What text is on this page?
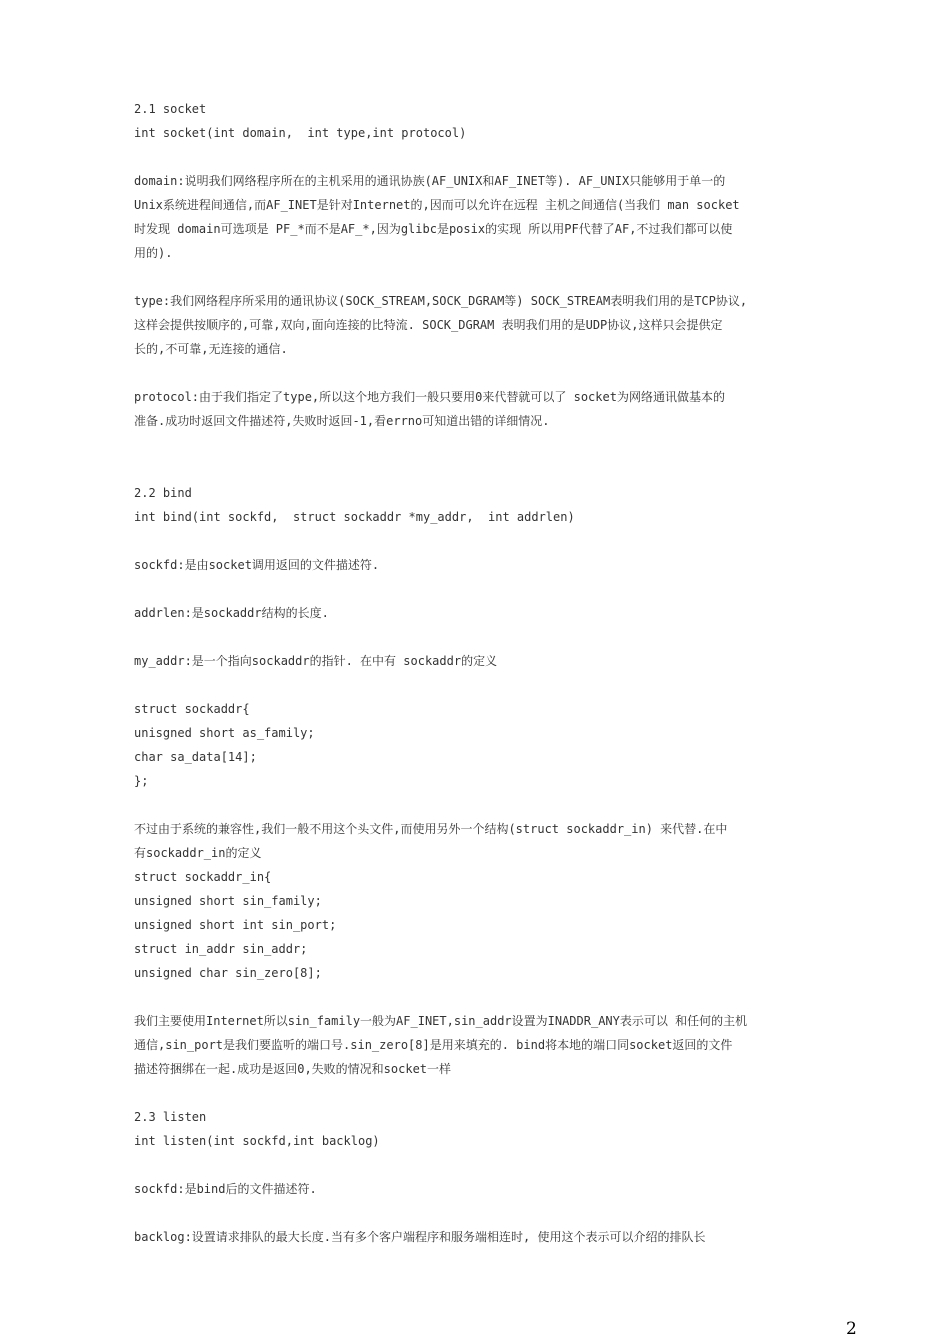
2.1 socket
int socket(int domain,  int type,int protocol)
domain:说明我们网络程序所在的主机采用的通讯协族(AF_UNIX和AF_INET等). AF_UNIX只能够用于单一的
Unix系统进程间通信,而AF_INET是针对Internet的,因而可以允许在远程 主机之间通信(当我们 man socket
时发现 domain可选项是 PF_*而不是AF_*,因为glibc是posix的实现 所以用PF代替了AF,不过我们都可以使
用的).
type:我们网络程序所采用的通讯协议(SOCK_STREAM,SOCK_DGRAM等) SOCK_STREAM表明我们用的是TCP协议,
这样会提供按顺序的,可靠,双向,面向连接的比特流. SOCK_DGRAM 表明我们用的是UDP协议,这样只会提供定
长的,不可靠,无连接的通信.
protocol:由于我们指定了type,所以这个地方我们一般只要用0来代替就可以了 socket为网络通讯做基本的
准备.成功时返回文件描述符,失败时返回-1,看errno可知道出错的详细情况.
2.2 bind
int bind(int sockfd,  struct sockaddr *my_addr,  int addrlen)
sockfd:是由socket调用返回的文件描述符.
addrlen:是sockaddr结构的长度.
my_addr:是一个指向sockaddr的指针. 在中有 sockaddr的定义
struct sockaddr{
unisgned short as_family;
char sa_data[14];
};
不过由于系统的兼容性,我们一般不用这个头文件,而使用另外一个结构(struct sockaddr_in) 来代替.在中
有sockaddr_in的定义
struct sockaddr_in{
unsigned short sin_family;
unsigned short int sin_port;
struct in_addr sin_addr;
unsigned char sin_zero[8];
我们主要使用Internet所以sin_family一般为AF_INET,sin_addr设置为INADDR_ANY表示可以 和任何的主机
通信,sin_port是我们要监听的端口号.sin_zero[8]是用来填充的. bind将本地的端口同socket返回的文件
描述符捆绑在一起.成功是返回0,失败的情况和socket一样
2.3 listen
int listen(int sockfd,int backlog)
sockfd:是bind后的文件描述符.
backlog:设置请求排队的最大长度.当有多个客户端程序和服务端相连时, 使用这个表示可以介绍的排队长
2
